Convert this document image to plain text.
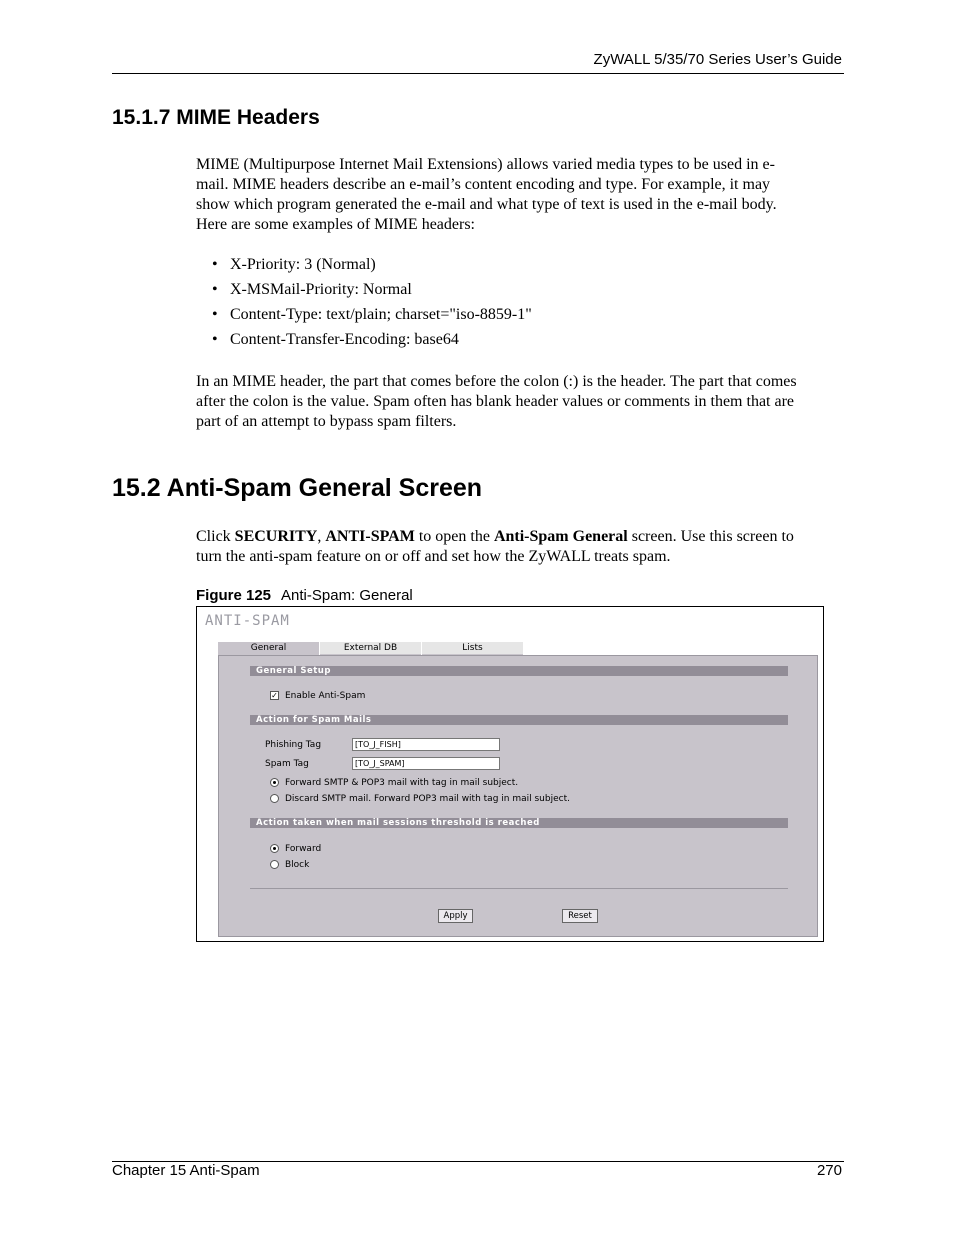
ZyWALL 5/35/70 Series User’s Guide
15.1.7 MIME Headers
MIME (Multipurpose Internet Mail Extensions) allows varied media types to be used in e-
mail. MIME headers describe an e-mail’s content encoding and type. For example, it may
show which program generated the e-mail and what type of text is used in the e-mail body.
Here are some examples of MIME headers:
• X-Priority: 3 (Normal)
• X-MSMail-Priority: Normal
• Content-Type: text/plain; charset="iso-8859-1"
• Content-Transfer-Encoding: base64
In an MIME header, the part that comes before the colon (:) is the header. The part that comes
after the colon is the value. Spam often has blank header values or comments in them that are
part of an attempt to bypass spam filters.
15.2 Anti-Spam General Screen
Click SECURITY, ANTI-SPAM to open the Anti-Spam General screen. Use this screen to
turn the anti-spam feature on or off and set how the ZyWALL treats spam.
Figure 125 Anti-Spam: General
ANTI-SPAM
General	External DB	Lists
General Setup
✓ Enable Anti-Spam
Action for Spam Mails
Phishing Tag	[TO_J_FISH]
Spam Tag	[TO_J_SPAM]
Forward SMTP & POP3 mail with tag in mail subject.
Discard SMTP mail. Forward POP3 mail with tag in mail subject.
Action taken when mail sessions threshold is reached
Forward
Block
Apply	Reset
Chapter 15 Anti-Spam	270
